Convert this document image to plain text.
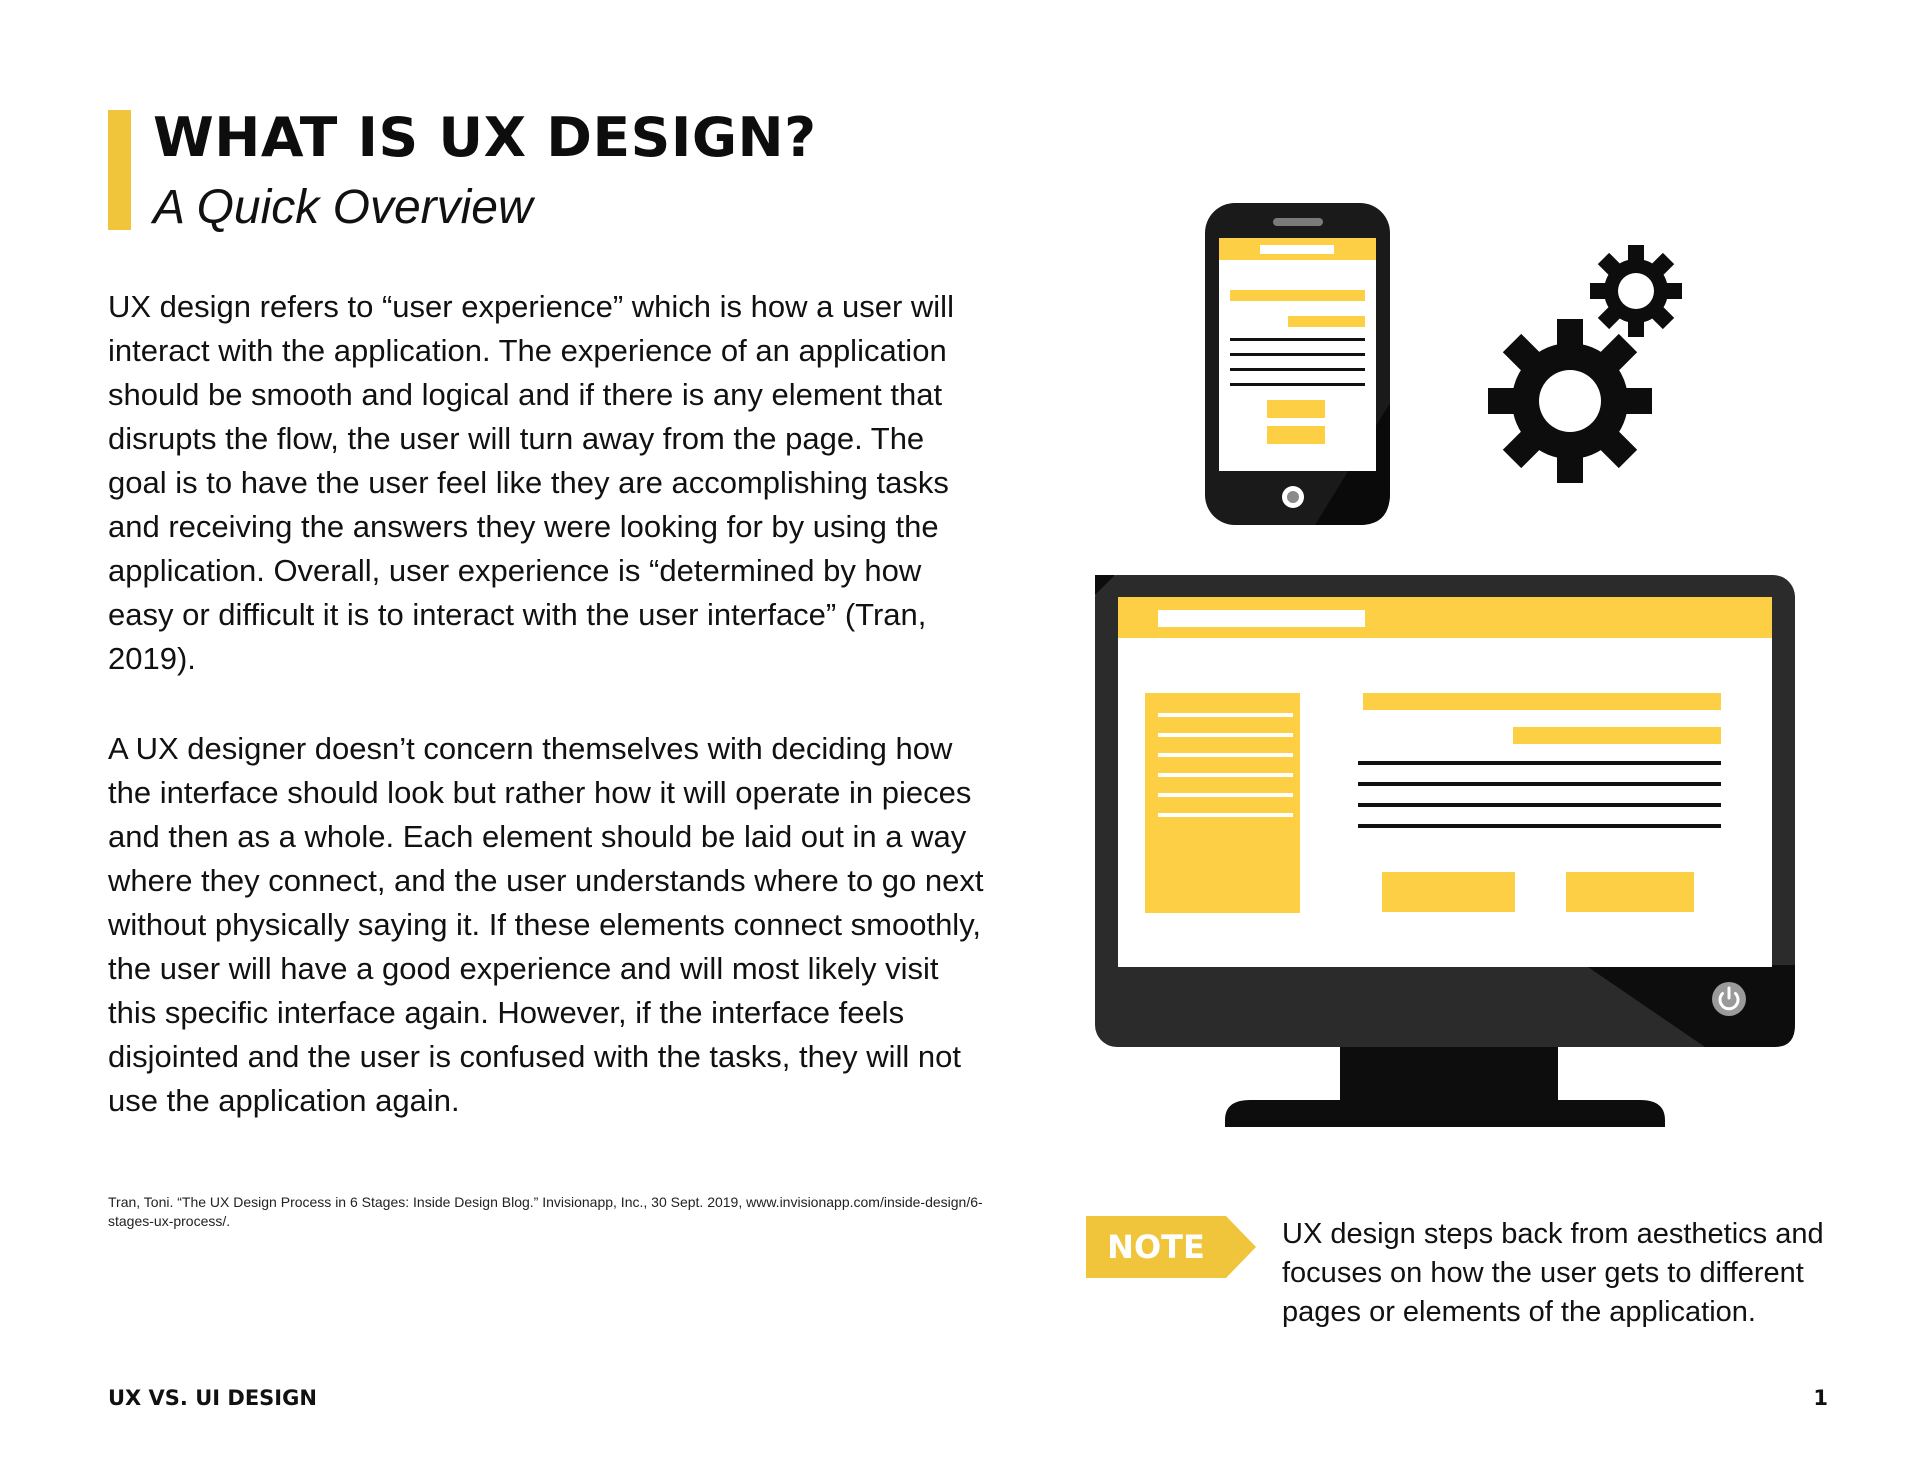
WHAT IS UX DESIGN?
A Quick Overview

UX design refers to “user experience” which is how a user will interact with the application. The experience of an application should be smooth and logical and if there is any element that disrupts the flow, the user will turn away from the page. The goal is to have the user feel like they are accomplishing tasks and receiving the answers they were looking for by using the application. Overall, user experience is “determined by how easy or difficult it is to interact with the user interface” (Tran, 2019).

A UX designer doesn’t concern themselves with deciding how the interface should look but rather how it will operate in pieces and then as a whole. Each element should be laid out in a way where they connect, and the user understands where to go next without physically saying it. If these elements connect smoothly, the user will have a good experience and will most likely visit this specific interface again. However, if the interface feels disjointed and the user is confused with the tasks, they will not use the application again.

Tran, Toni. “The UX Design Process in 6 Stages: Inside Design Blog.” Invisionapp, Inc., 30 Sept. 2019, www.invisionapp.com/inside-design/6-stages-ux-process/.

NOTE	UX design steps back from aesthetics and focuses on how the user gets to different pages or elements of the application.

UX VS. UI DESIGN	1
